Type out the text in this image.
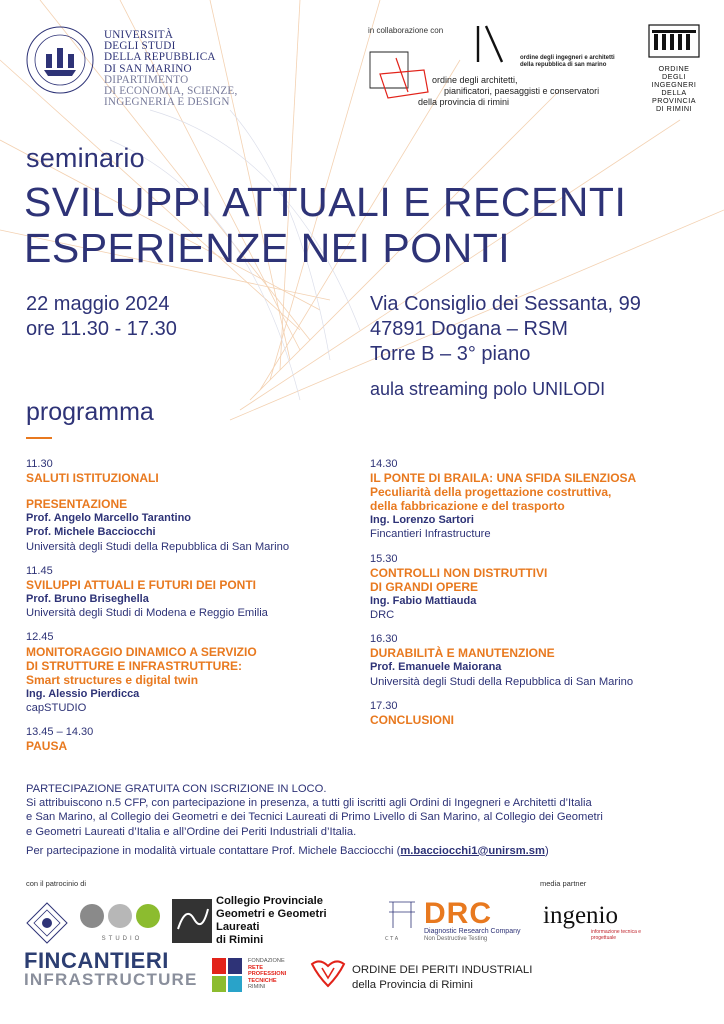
UNIVERSITÀ
DEGLI STUDI
DELLA REPUBBLICA
DI SAN MARINO
DIPARTIMENTO
DI ECONOMIA, SCIENZE,
INGEGNERIA E DESIGN
in collaborazione con
ordine degli ingegneri e architetti
della repubblica di san marino
ordine degli architetti,
pianificatori, paesaggisti e conservatori
della provincia di rimini
ORDINE DEGLI
INGEGNERI
DELLA PROVINCIA
DI RIMINI
seminario
SVILUPPI ATTUALI E RECENTI
ESPERIENZE NEI PONTI
22 maggio 2024
ore 11.30 - 17.30
Via Consiglio dei Sessanta, 99
47891 Dogana – RSM
Torre B – 3° piano
aula streaming polo UNILODI
programma
11.30
SALUTI ISTITUZIONALI
PRESENTAZIONE
Prof. Angelo Marcello Tarantino
Prof. Michele Bacciocchi
Università degli Studi della Repubblica di San Marino
11.45
SVILUPPI ATTUALI E FUTURI DEI PONTI
Prof. Bruno Briseghella
Università degli Studi di Modena e Reggio Emilia
12.45
MONITORAGGIO DINAMICO A SERVIZIO
DI STRUTTURE E INFRASTRUTTURE:
Smart structures e digital twin
Ing. Alessio Pierdicca
capSTUDIO
13.45 – 14.30
PAUSA
14.30
IL PONTE DI BRAILA: UNA SFIDA SILENZIOSA
Peculiarità della progettazione costruttiva,
della fabbricazione e del trasporto
Ing. Lorenzo Sartori
Fincantieri Infrastructure
15.30
CONTROLLI NON DISTRUTTIVI
DI GRANDI OPERE
Ing. Fabio Mattiauda
DRC
16.30
DURABILITÀ E MANUTENZIONE
Prof. Emanuele Maiorana
Università degli Studi della Repubblica di San Marino
17.30
CONCLUSIONI
PARTECIPAZIONE GRATUITA CON ISCRIZIONE IN LOCO.
Si attribuiscono n.5 CFP, con partecipazione in presenza, a tutti gli iscritti agli Ordini di Ingegneri e Architetti d’Italia
e San Marino, al Collegio dei Geometri e dei Tecnici Laureati di Primo Livello di San Marino, al Collegio dei Geometri
e Geometri Laureati d’Italia e all’Ordine dei Periti Industriali d’Italia.
Per partecipazione in modalità virtuale contattare Prof. Michele Bacciocchi (m.bacciocchi1@unirsm.sm)
con il patrocinio di	media partner
STUDIO
Collegio Provinciale
Geometri e Geometri Laureati
di Rimini	C T A
DRC
Diagnostic Research Company
Non Destructive Testing
ingenio
informazione tecnica e progettuale
FINCANTIERI
INFRASTRUCTURE
FONDAZIONE
RETE
PROFESSIONI
TECNICHE
RIMINI
ORDINE DEI PERITI INDUSTRIALI
della Provincia di Rimini
